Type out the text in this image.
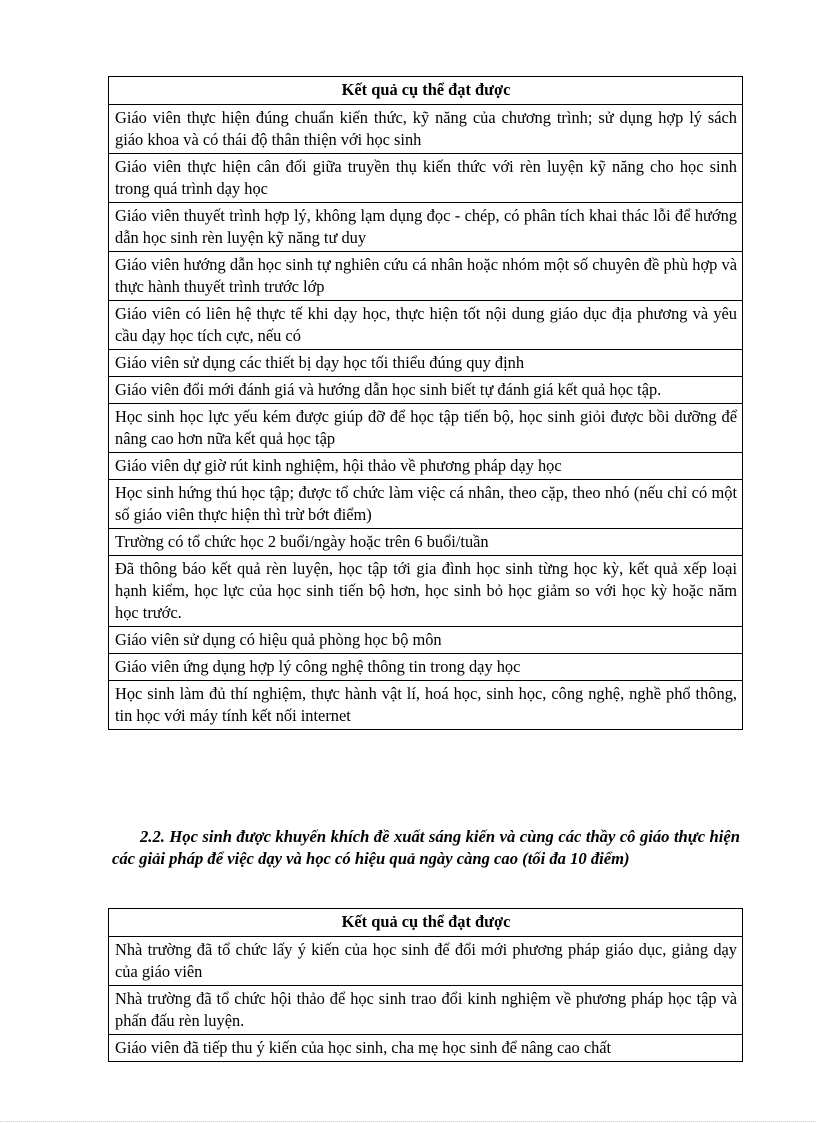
Kết quả cụ thể đạt được
Giáo viên thực hiện đúng chuẩn kiến thức, kỹ năng của chương trình; sử dụng hợp lý sách giáo khoa và có thái độ thân thiện với học sinh
Giáo viên thực hiện cân đối giữa truyền thụ kiến thức với rèn luyện kỹ năng cho học sinh trong quá trình dạy học
Giáo viên thuyết trình hợp lý, không lạm dụng đọc - chép, có phân tích khai thác lỗi để hướng dẫn học sinh rèn luyện kỹ năng tư duy
Giáo viên hướng dẫn học sinh tự nghiên cứu cá nhân hoặc nhóm một số chuyên đề phù hợp và thực hành thuyết trình trước lớp
Giáo viên có liên hệ thực tế khi dạy học, thực hiện tốt nội dung giáo dục địa phương và yêu cầu dạy học tích cực, nếu có
Giáo viên sử dụng các thiết bị dạy học tối thiểu đúng quy định
Giáo viên đổi mới đánh giá và hướng dẫn học sinh biết tự đánh giá kết quả học tập.
Học sinh học lực yếu kém được giúp đỡ để học tập tiến bộ, học sinh giỏi được bồi dưỡng để nâng cao hơn nữa kết quả học tập
Giáo viên dự giờ rút kinh nghiệm, hội thảo về phương pháp dạy học
Học sinh hứng thú học tập; được tổ chức làm việc cá nhân, theo cặp, theo nhó (nếu chỉ có một số giáo viên thực hiện thì trừ bớt điểm)
Trường có tổ chức học 2 buổi/ngày hoặc trên 6 buổi/tuần
Đã thông báo kết quả rèn luyện, học tập tới gia đình học sinh từng học kỳ, kết quả xếp loại hạnh kiểm, học lực của học sinh tiến bộ hơn, học sinh bỏ học giảm so với học kỳ hoặc năm học trước.
Giáo viên sử dụng có hiệu quả phòng học bộ môn
Giáo viên ứng dụng hợp lý công nghệ thông tin trong dạy học
Học sinh làm đủ thí nghiệm, thực hành vật lí, hoá học, sinh học, công nghệ, nghề phổ thông, tin học với máy tính kết nối internet

2.2. Học sinh được khuyến khích đề xuất sáng kiến và cùng các thầy cô giáo thực hiện các giải pháp để việc dạy và học có hiệu quả ngày càng cao (tối đa 10 điểm)

Kết quả cụ thể đạt được
Nhà trường đã tổ chức lấy ý kiến của học sinh để đổi mới phương pháp giáo dục, giảng dạy của giáo viên
Nhà trường đã tổ chức hội thảo để học sinh trao đổi kinh nghiệm về phương pháp học tập và phấn đấu rèn luyện.
Giáo viên đã tiếp thu ý kiến của học sinh, cha mẹ học sinh để nâng cao chất
